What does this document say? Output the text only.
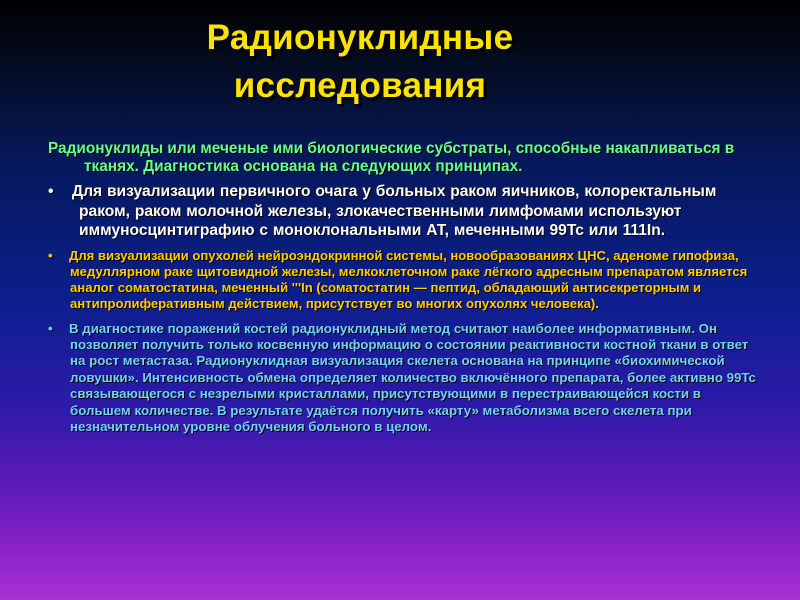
Радионуклидные
исследования
Радионуклиды или меченые ими биологические субстраты, способные накапливаться в тканях. Диагностика основана на следующих принципах.
• Для визуализации первичного очага у больных раком яичников, колоректальным раком, раком молочной железы, злокачественными лимфомами используют иммуносцинтиграфию с моноклональными АТ, меченными 99Tc или 111In.
• Для визуализации опухолей нейроэндокринной системы, новообразованиях ЦНС, аденоме гипофиза, медуллярном раке щитовидной железы, мелкоклеточном раке лёгкого адресным препаратом является аналог соматостатина, меченный '''In (соматостатин — пептид, обладающий антисекреторным и антипролиферативным действием, присутствует во многих опухолях человека).
• В диагностике поражений костей радионуклидный метод считают наиболее информативным. Он позволяет получить только косвенную информацию о состоянии реактивности костной ткани в ответ на рост метастаза. Радионуклидная визуализация скелета основана на принципе «биохимической ловушки». Интенсивность обмена определяет количество включённого препарата, более активно 99Tc связывающегося с незрелыми кристаллами, присутствующими в перестраивающейся кости в большем количестве. В результате удаётся получить «карту» метаболизма всего скелета при незначительном уровне облучения больного в целом.
